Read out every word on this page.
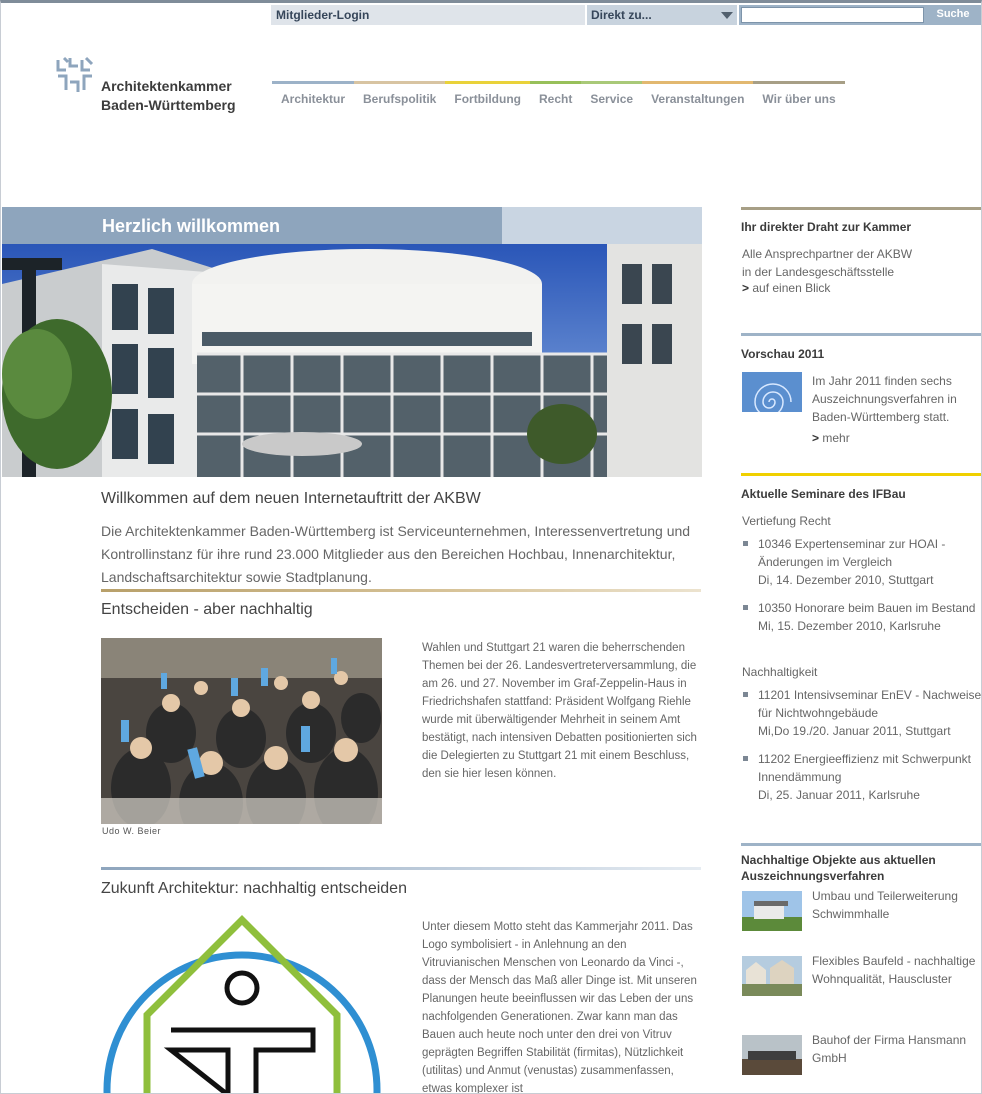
Mitglieder-Login	Direkt zu...	Suche
Architektenkammer
Baden-Württemberg	Architektur	Berufspolitik	Fortbildung	Recht	Service	Veranstaltungen	Wir über uns
Herzlich willkommen
Willkommen auf dem neuen Internetauftritt der AKBW
Die Architektenkammer Baden-Württemberg ist Serviceunternehmen, Interessenvertretung und Kontrollinstanz für ihre rund 23.000 Mitglieder aus den Bereichen Hochbau, Innenarchitektur, Landschaftsarchitektur sowie Stadtplanung.
Entscheiden - aber nachhaltig
Udo W. Beier
Wahlen und Stuttgart 21 waren die beherrschenden Themen bei der 26. Landesvertreterversammlung, die am 26. und 27. November im Graf-Zeppelin-Haus in Friedrichshafen stattfand: Präsident Wolfgang Riehle wurde mit überwältigender Mehrheit in seinem Amt bestätigt, nach intensiven Debatten positionierten sich die Delegierten zu Stuttgart 21 mit einem Beschluss, den sie hier lesen können.
Zukunft Architektur: nachhaltig entscheiden
Unter diesem Motto steht das Kammerjahr 2011. Das Logo symbolisiert - in Anlehnung an den Vitruvianischen Menschen von Leonardo da Vinci -, dass der Mensch das Maß aller Dinge ist. Mit unseren Planungen heute beeinflussen wir das Leben der uns nachfolgenden Generationen. Zwar kann man das Bauen auch heute noch unter den drei von Vitruv geprägten Begriffen Stabilität (firmitas), Nützlichkeit (utilitas) und Anmut (venustas) zusammenfassen, etwas komplexer ist
Ihr direkter Draht zur Kammer
Alle Ansprechpartner der AKBW
in der Landesgeschäftsstelle
> auf einen Blick
Vorschau 2011
Im Jahr 2011 finden sechs Auszeichnungsverfahren in Baden-Württemberg statt.
> mehr
Aktuelle Seminare des IFBau
Vertiefung Recht
10346 Expertenseminar zur HOAI - Änderungen im Vergleich
Di, 14. Dezember 2010, Stuttgart
10350 Honorare beim Bauen im Bestand
Mi, 15. Dezember 2010, Karlsruhe
Nachhaltigkeit
11201 Intensivseminar EnEV - Nachweise für Nichtwohngebäude
Mi,Do 19./20. Januar 2011, Stuttgart
11202 Energieeffizienz mit Schwerpunkt Innendämmung
Di, 25. Januar 2011, Karlsruhe
Nachhaltige Objekte aus aktuellen Auszeichnungsverfahren
Umbau und Teilerweiterung Schwimmhalle
Flexibles Baufeld - nachhaltige Wohnqualität, Hauscluster
Bauhof der Firma Hansmann GmbH
